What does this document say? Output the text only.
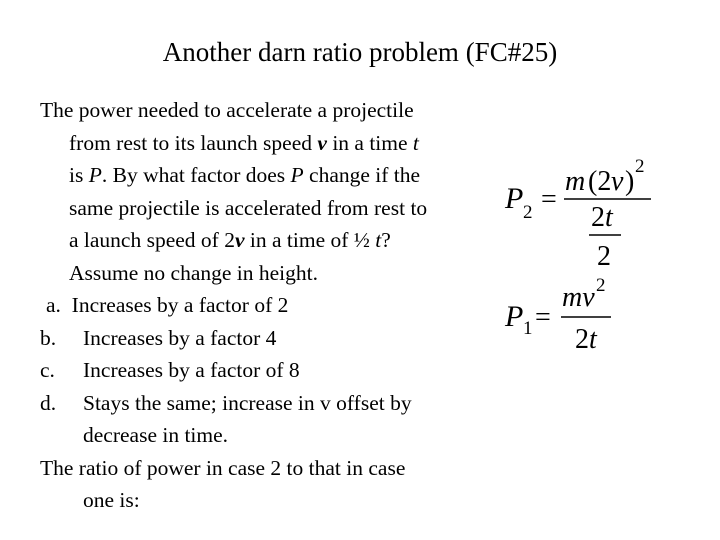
Another darn ratio problem (FC#25)
The power needed to accelerate a projectile
from rest to its launch speed v in a time t
is P. By what factor does P change if the
same projectile is accelerated from rest to
a launch speed of 2v in a time of ½ t?
Assume no change in height.
a. Increases by a factor of 2
b. Increases by a factor 4
c. Increases by a factor of 8
d. Stays the same; increase in v offset by
decrease in time.
The ratio of power in case 2 to that in case
one is:
P 2 =
m (2 v ) 2
2 t
2
P 1 =
mv 2
2 t
